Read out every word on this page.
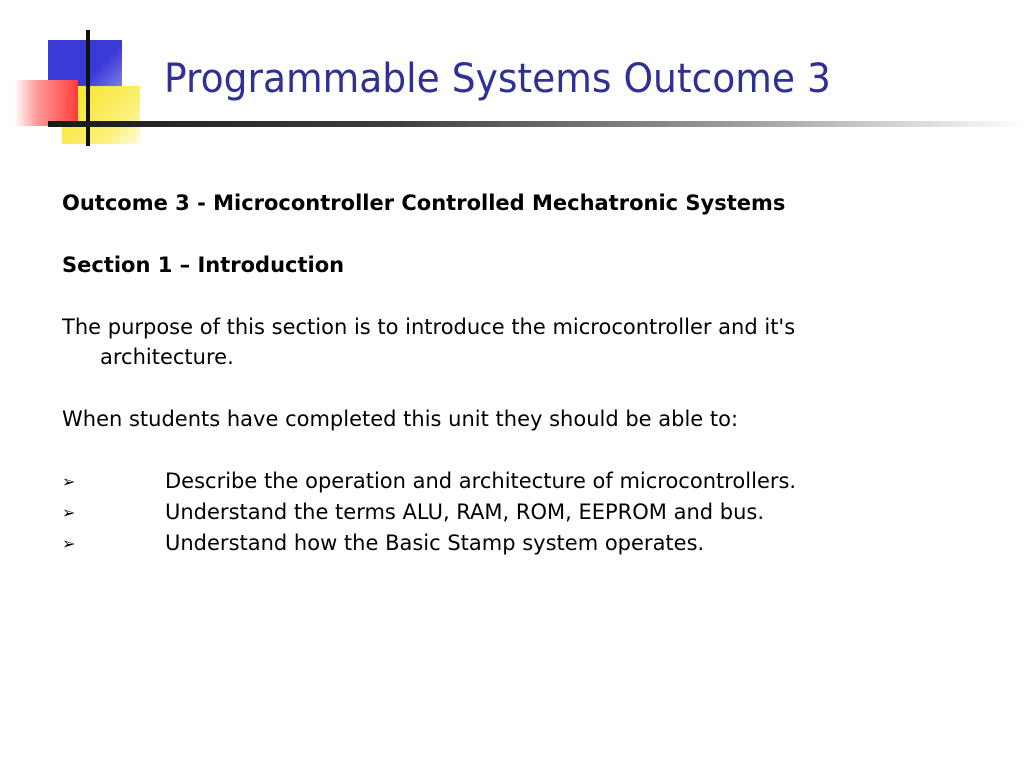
Programmable Systems Outcome 3
Outcome 3 - Microcontroller Controlled Mechatronic Systems
Section 1 – Introduction
The purpose of this section is to introduce the microcontroller and it's
architecture.
When students have completed this unit they should be able to:
➢	Describe the operation and architecture of microcontrollers.
➢	Understand the terms ALU, RAM, ROM, EEPROM and bus.
➢	Understand how the Basic Stamp system operates.
